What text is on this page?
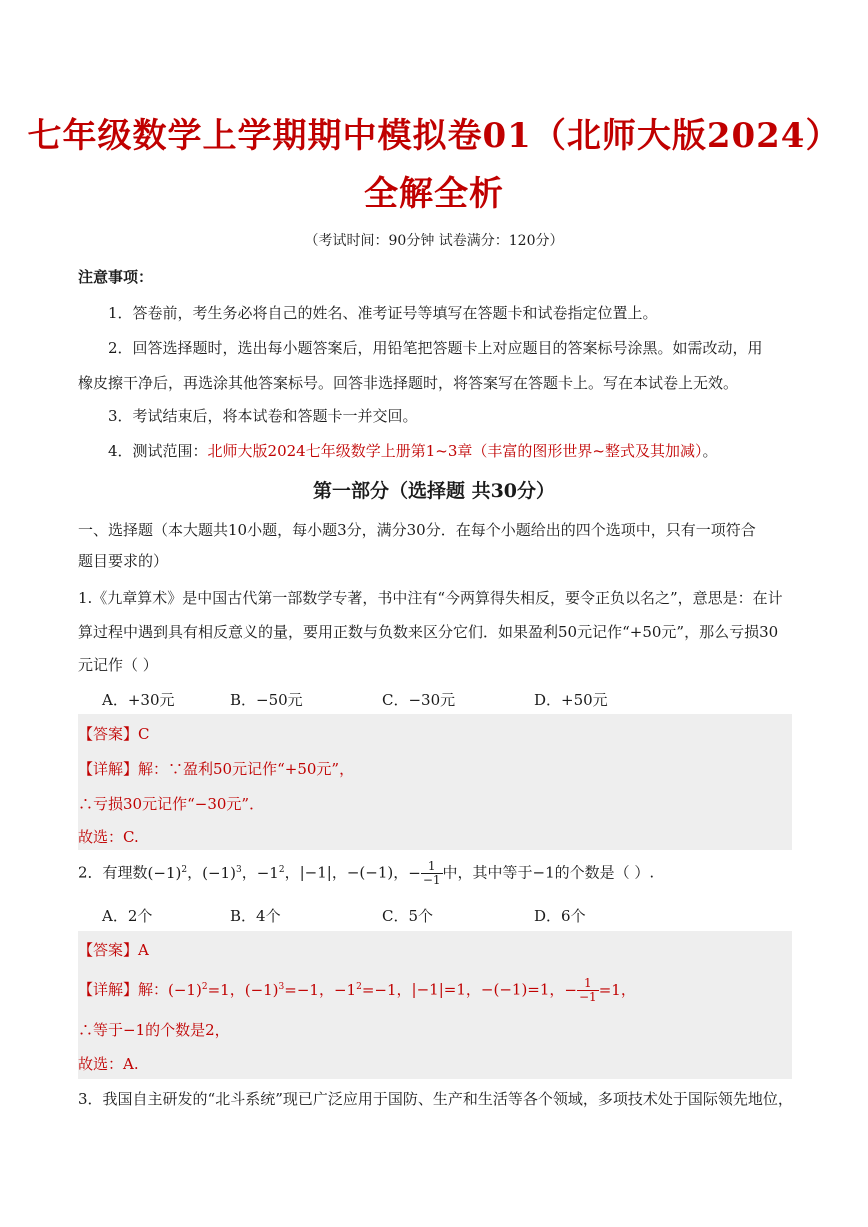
七年级数学上学期期中模拟卷01（北师大版2024）
全解全析
（考试时间：90分钟 试卷满分：120分）
注意事项：
1．答卷前，考生务必将自己的姓名、准考证号等填写在答题卡和试卷指定位置上。
2．回答选择题时，选出每小题答案后，用铅笔把答题卡上对应题目的答案标号涂黑。如需改动，用
橡皮擦干净后，再选涂其他答案标号。回答非选择题时，将答案写在答题卡上。写在本试卷上无效。
3．考试结束后，将本试卷和答题卡一并交回。
4．测试范围：北师大版2024七年级数学上册第1~3章（丰富的图形世界~整式及其加减）。
第一部分（选择题 共30分）
一、选择题（本大题共10小题，每小题3分，满分30分．在每个小题给出的四个选项中，只有一项符合
题目要求的）
1.《九章算术》是中国古代第一部数学专著，书中注有“今两算得失相反，要令正负以名之”，意思是：在计
算过程中遇到具有相反意义的量，要用正数与负数来区分它们．如果盈利50元记作“+50元”，那么亏损30
元记作（ ）
A．+30元	B．−50元	C．−30元	D．+50元
【答案】C
【详解】解：∵盈利50元记作“+50元”，
∴亏损30元记作“−30元”．
故选：C.
2．有理数$(-1)^2$，$(-1)^3$，$-1^2$，|−1|，−(−1)，− $\frac{1}{-1}$ 中，其中等于−1的个数是（ ）.
A．2个	B．4个	C．5个	D．6个
【答案】A
【详解】解：$(-1)^2=1$，$(-1)^3=-1$，$-1^2=-1$，|−1|=1，−(−1)=1，− $\frac{1}{-1} =1$，
∴等于−1的个数是2，
故选：A.
3．我国自主研发的“北斗系统”现已广泛应用于国防、生产和生活等各个领域，多项技术处于国际领先地位，
